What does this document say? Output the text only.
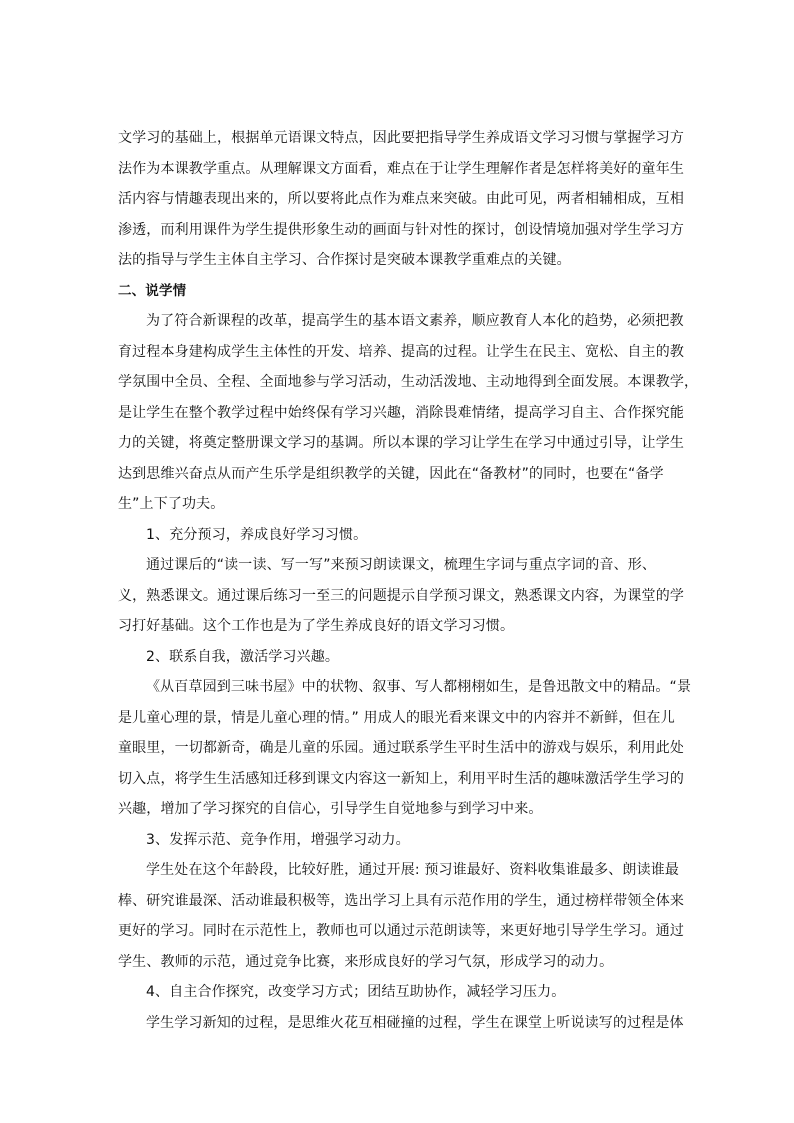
文学习的基础上，根据单元语课文特点，因此要把指导学生养成语文学习习惯与掌握学习方
法作为本课教学重点。从理解课文方面看，难点在于让学生理解作者是怎样将美好的童年生
活内容与情趣表现出来的，所以要将此点作为难点来突破。由此可见，两者相辅相成，互相
渗透，而利用课件为学生提供形象生动的画面与针对性的探讨，创设情境加强对学生学习方
法的指导与学生主体自主学习、合作探讨是突破本课教学重难点的关键。

二、说学情

为了符合新课程的改革，提高学生的基本语文素养，顺应教育人本化的趋势，必须把教
育过程本身建构成学生主体性的开发、培养、提高的过程。让学生在民主、宽松、自主的教
学氛围中全员、全程、全面地参与学习活动，生动活泼地、主动地得到全面发展。本课教学，
是让学生在整个教学过程中始终保有学习兴趣，消除畏难情绪，提高学习自主、合作探究能
力的关键，将奠定整册课文学习的基调。所以本课的学习让学生在学习中通过引导，让学生
达到思维兴奋点从而产生乐学是组织教学的关键，因此在“备教材”的同时，也要在“备学
生”上下了功夫。

1、充分预习，养成良好学习习惯。

通过课后的“读一读、写一写”来预习朗读课文，梳理生字词与重点字词的音、形、
义，熟悉课文。通过课后练习一至三的问题提示自学预习课文，熟悉课文内容，为课堂的学
习打好基础。这个工作也是为了学生养成良好的语文学习习惯。

2、联系自我，激活学习兴趣。

《从百草园到三味书屋》中的状物、叙事、写人都栩栩如生，是鲁迅散文中的精品。“景
是儿童心理的景，情是儿童心理的情。” 用成人的眼光看来课文中的内容并不新鲜，但在儿
童眼里，一切都新奇，确是儿童的乐园。通过联系学生平时生活中的游戏与娱乐，利用此处
切入点，将学生生活感知迁移到课文内容这一新知上，利用平时生活的趣味激活学生学习的
兴趣，增加了学习探究的自信心，引导学生自觉地参与到学习中来。

3、发挥示范、竞争作用，增强学习动力。

学生处在这个年龄段，比较好胜，通过开展: 预习谁最好、资料收集谁最多、朗读谁最
棒、研究谁最深、活动谁最积极等，选出学习上具有示范作用的学生，通过榜样带领全体来
更好的学习。同时在示范性上，教师也可以通过示范朗读等，来更好地引导学生学习。通过
学生、教师的示范，通过竞争比赛，来形成良好的学习气氛，形成学习的动力。

4、自主合作探究，改变学习方式；团结互助协作，减轻学习压力。

学生学习新知的过程，是思维火花互相碰撞的过程，学生在课堂上听说读写的过程是体
